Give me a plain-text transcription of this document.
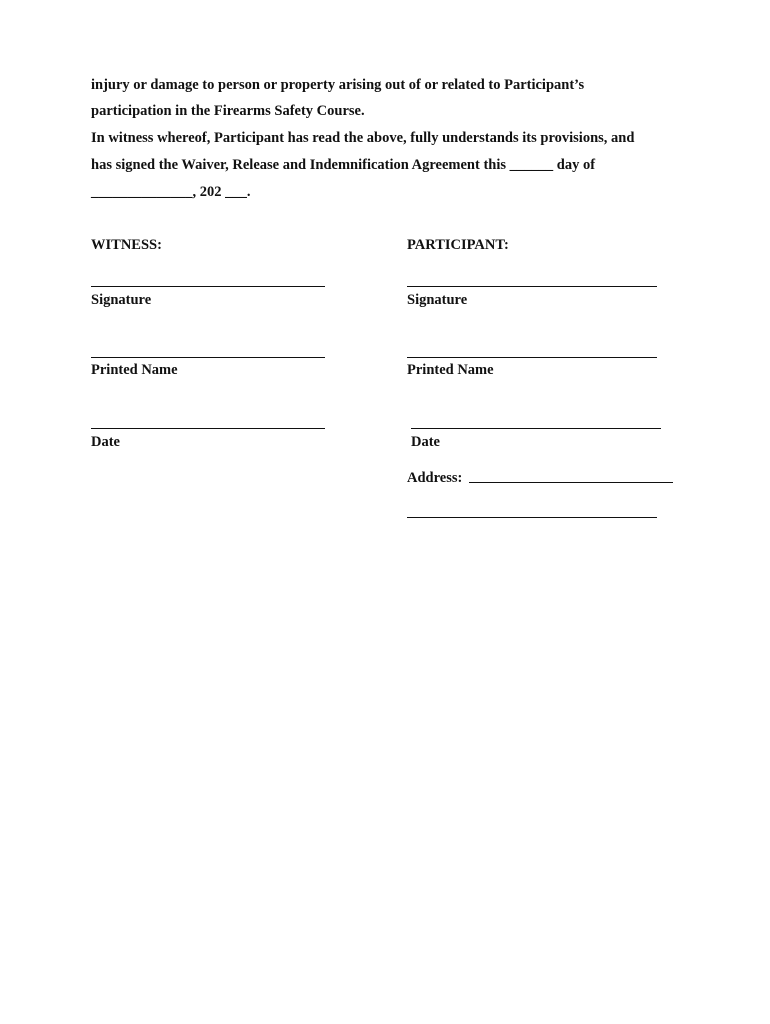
injury or damage to person or property arising out of or related to Participant’s
participation in the Firearms Safety Course.
In witness whereof, Participant has read the above, fully understands its provisions, and
has signed the Waiver, Release and Indemnification Agreement this ______ day of
______________, 202 ___.
WITNESS:
Signature
Printed Name
Date
PARTICIPANT:
Signature
Printed Name
Date
Address:
